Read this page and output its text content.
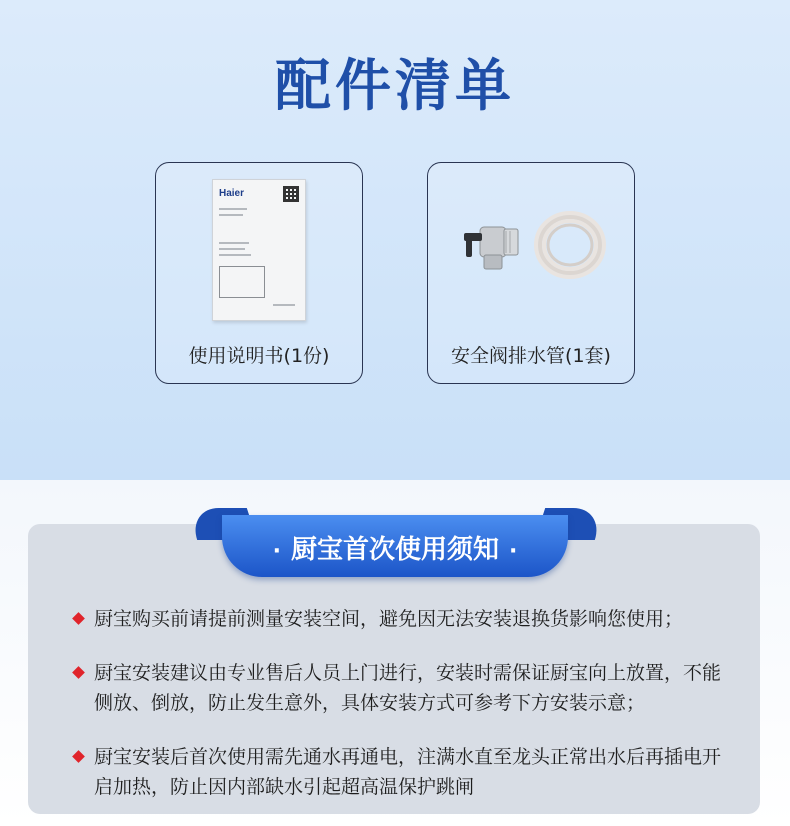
配件清单
Haier

使用说明书(1份)	安全阀排水管(1套)

· 厨宝首次使用须知 ·

厨宝购买前请提前测量安装空间，避免因无法安装退换货影响您使用；
厨宝安装建议由专业售后人员上门进行，安装时需保证厨宝向上放置，不能侧放、倒放，防止发生意外，具体安装方式可参考下方安装示意；
厨宝安装后首次使用需先通水再通电，注满水直至龙头正常出水后再插电开启加热，防止因内部缺水引起超高温保护跳闸
